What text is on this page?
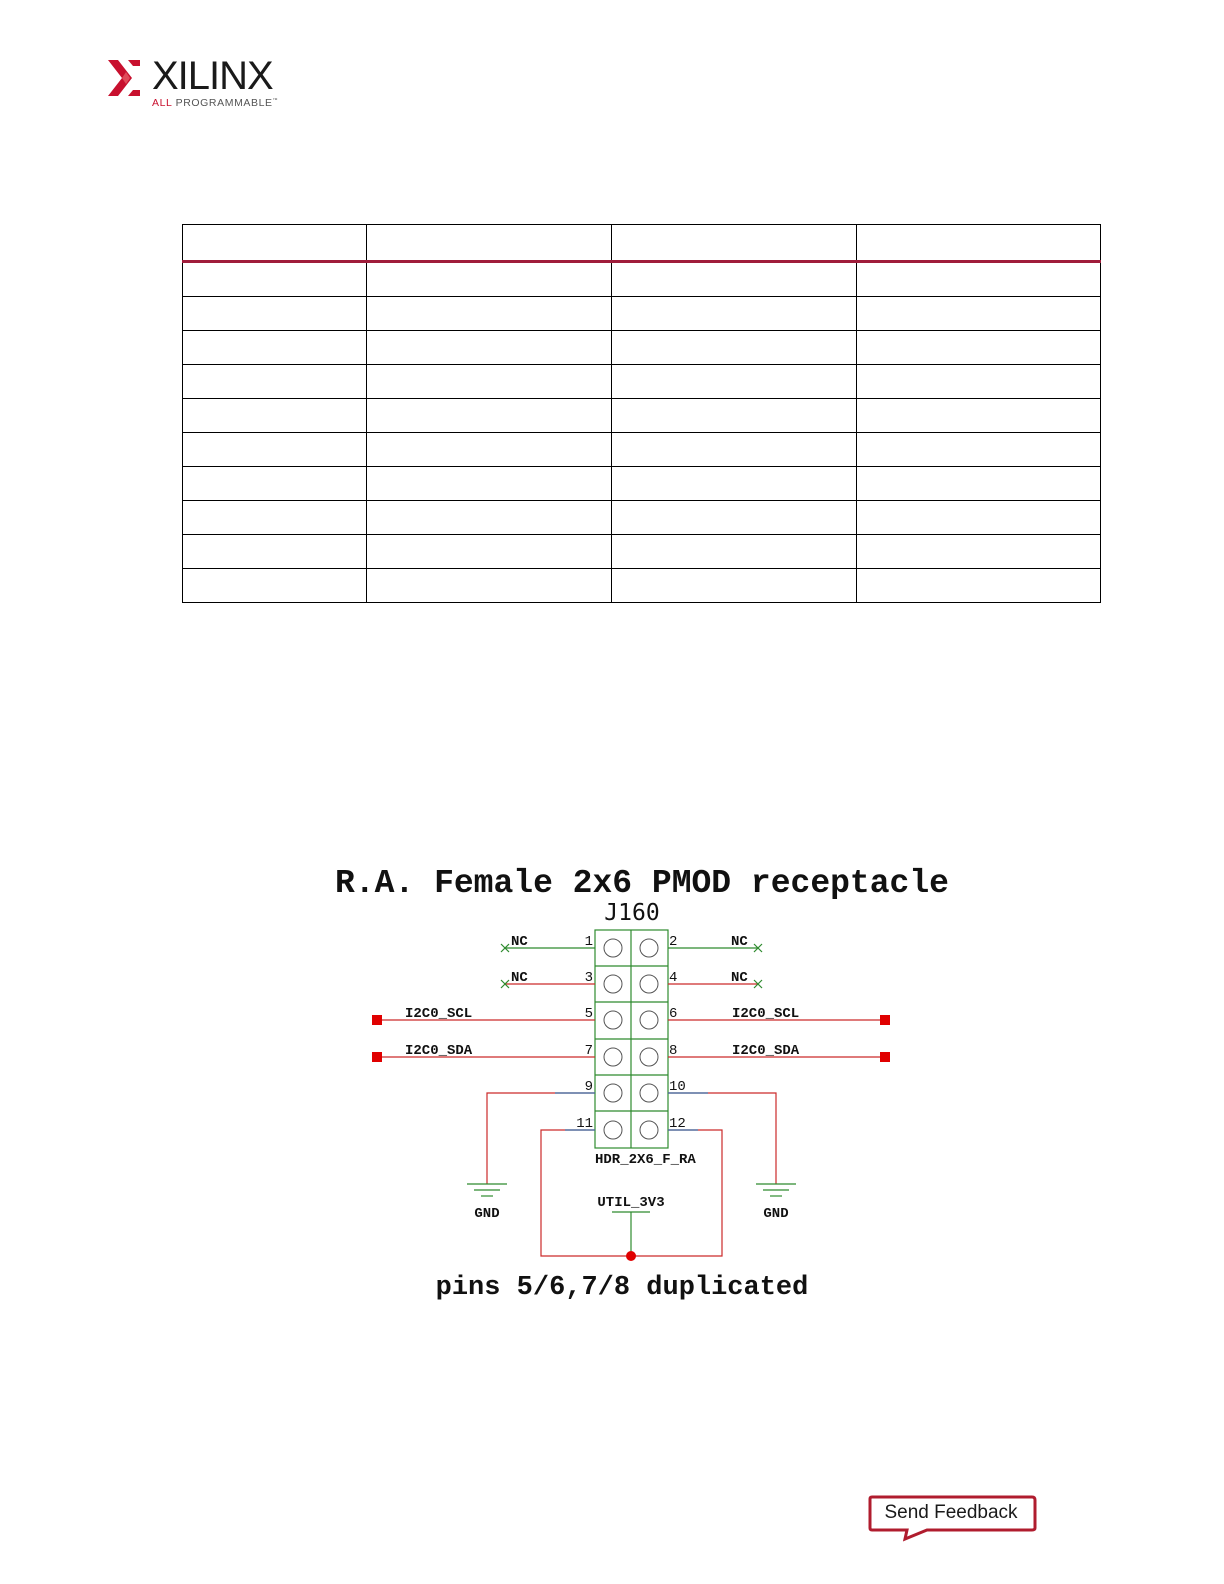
XILINX
ALL PROGRAMMABLE™

R.A. Female 2x6 PMOD receptacle
J160
1	2
3	4
5	6
7	8
9	10
11	12
NC	NC
NC	NC
I2C0_SCL	I2C0_SCL
I2C0_SDA	I2C0_SDA
HDR_2X6_F_RA
UTIL_3V3
GND	GND
pins 5/6,7/8 duplicated
Send Feedback
